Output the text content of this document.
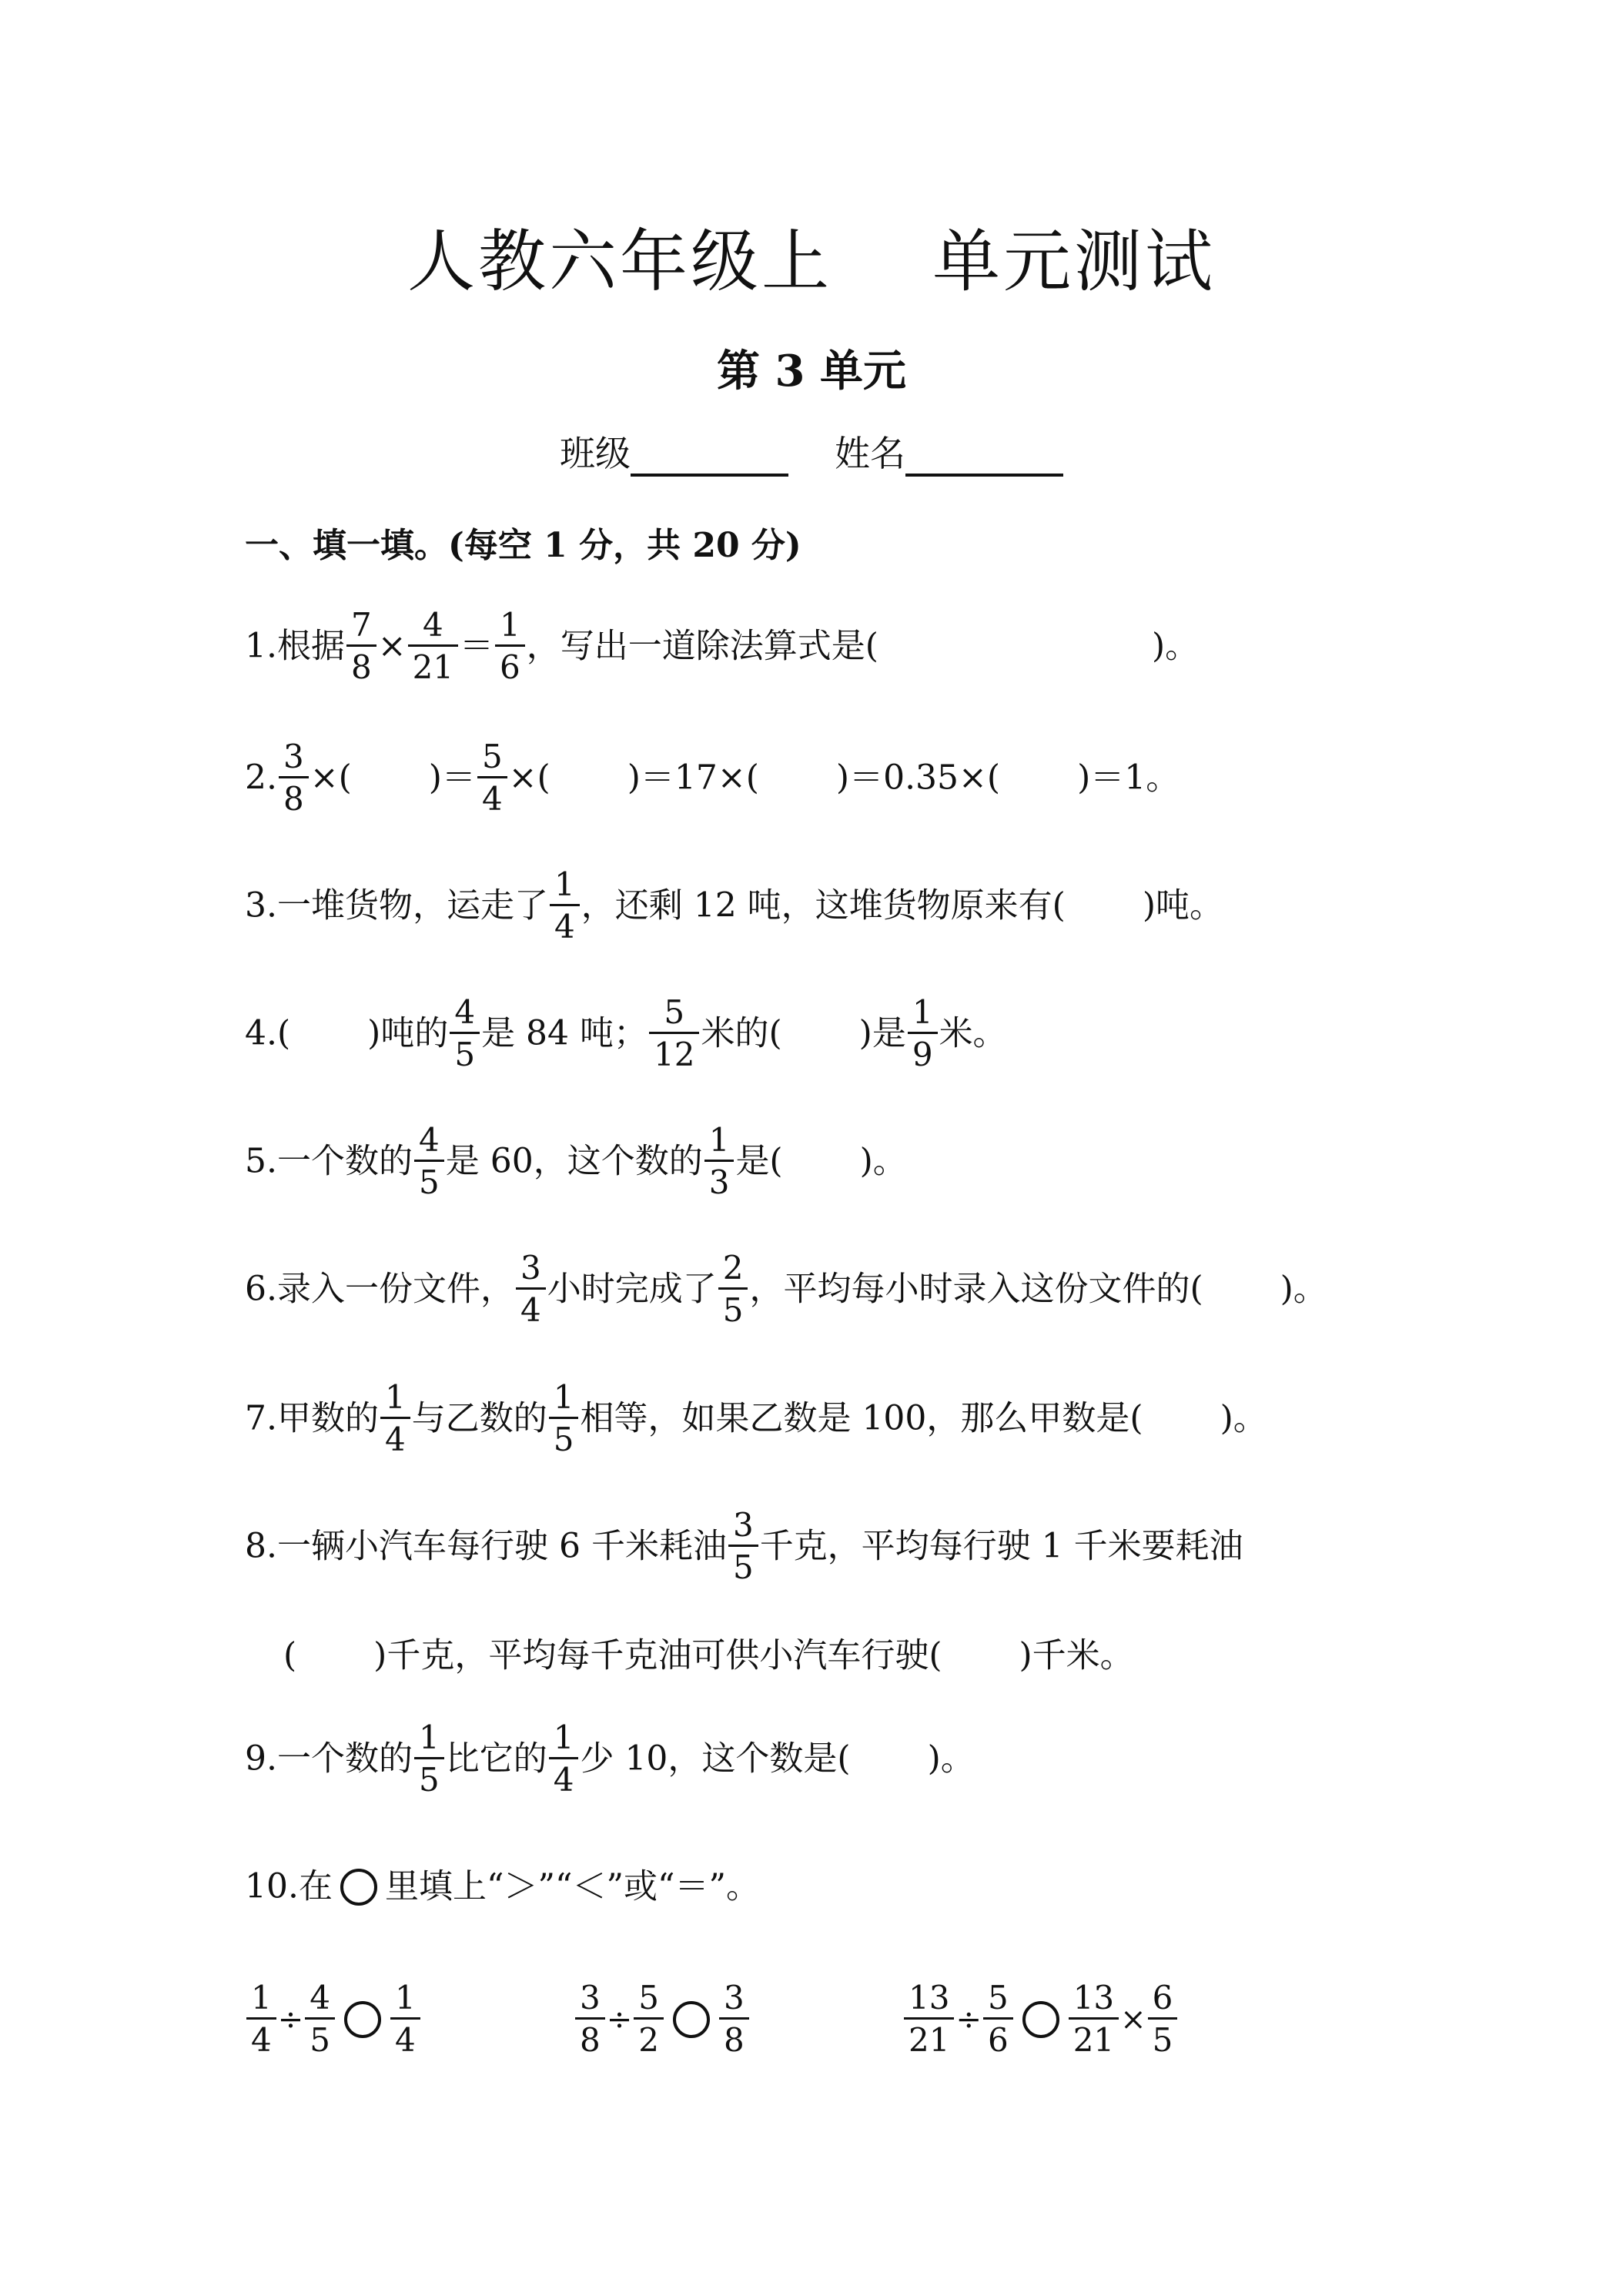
人教六年级上 单元测试
第 3 单元
班级	姓名
一、填一填。(每空 1 分，共 20 分)
1.根据 $\frac{7}{8} \times \frac{4}{21} = \frac{1}{6}$ ，写出一道除法算式是(	)。
2. $\frac{3}{8}$ ×( )＝ $\frac{5}{4}$ ×( )＝17×( )＝0.35×( )＝1。
3.一堆货物，运走了 $\frac{1}{4}$ ，还剩 12 吨，这堆货物原来有( )吨。
4.( )吨的 $\frac{4}{5}$ 是 84 吨； $\frac{5}{12}$ 米的( )是 $\frac{1}{9}$ 米。
5.一个数的 $\frac{4}{5}$ 是 60，这个数的 $\frac{1}{3}$ 是( )。
6.录入一份文件， $\frac{3}{4}$ 小时完成了 $\frac{2}{5}$ ，平均每小时录入这份文件的( )。
7.甲数的 $\frac{1}{4}$ 与乙数的 $\frac{1}{5}$ 相等，如果乙数是 100，那么甲数是( )。
8.一辆小汽车每行驶 6 千米耗油 $\frac{3}{5}$ 千克，平均每行驶 1 千米要耗油
( )千克，平均每千克油可供小汽车行驶( )千米。
9.一个数的 $\frac{1}{5}$ 比它的 $\frac{1}{4}$ 少 10，这个数是( )。
10.在 里填上“＞”“＜”或“＝”。
$\frac{1}{4} \div \frac{4}{5} \frac{1}{4}$	$\frac{3}{8} \div \frac{5}{2} \frac{3}{8}$	$\frac{13}{21} \div \frac{5}{6} \frac{13}{21} \times \frac{6}{5}$
